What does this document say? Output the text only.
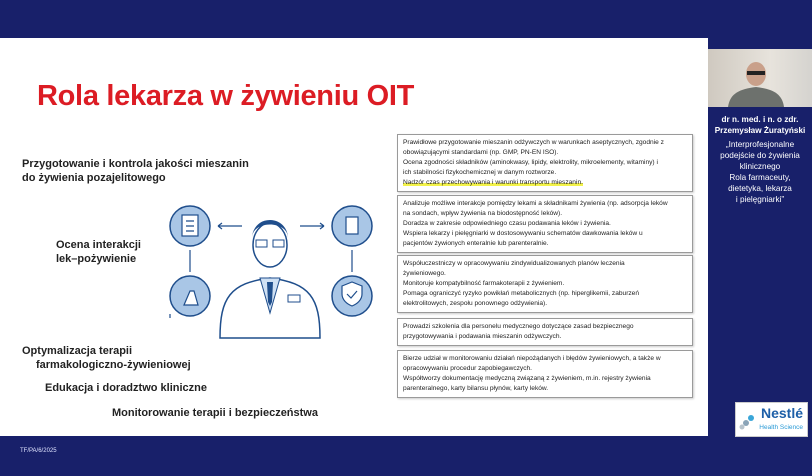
Rola lekarza w żywieniu OIT
Przygotowanie i kontrola jakości mieszanin
do żywienia pozajelitowego
Ocena interakcji
lek–pożywienie
Optymalizacja terapii
farmakologiczno-żywieniowej
Edukacja i doradztwo kliniczne
Monitorowanie terapii i bezpieczeństwa
Prawidłowe przygotowanie mieszanin odżywczych w warunkach aseptycznych, zgodnie z
obowiązującymi standardami (np. GMP, PN-EN ISO).
Ocena zgodności składników (aminokwasy, lipidy, elektrolity, mikroelementy, witaminy) i
ich stabilności fizykochemicznej w danym roztworze.
Nadzór czas przechowywania i warunki transportu mieszanin.
Analizuje możliwe interakcje pomiędzy lekami a składnikami żywienia (np. adsorpcja leków
na sondach, wpływ żywienia na biodostępność leków).
Doradza w zakresie odpowiedniego czasu podawania leków i żywienia.
Wspiera lekarzy i pielęgniarki w dostosowywaniu schematów dawkowania leków u
pacjentów żywionych enteralnie lub parenteralnie.
Współuczestniczy w opracowywaniu zindywidualizowanych planów leczenia
żywieniowego.
Monitoruje kompatybilność farmakoterapii z żywieniem.
Pomaga ograniczyć ryzyko powikłań metabolicznych (np. hiperglikemii, zaburzeń
elektrolitowych, zespołu ponownego odżywienia).
Prowadzi szkolenia dla personelu medycznego dotyczące zasad bezpiecznego
przygotowywania i podawania mieszanin odżywczych.
Bierze udział w monitorowaniu działań niepożądanych i błędów żywieniowych, a także w
opracowywaniu procedur zapobiegawczych.
Współtworzy dokumentację medyczną związaną z żywieniem, m.in. rejestry żywienia
parenteralnego, karty bilansu płynów, karty leków.
TF/PA/6/2025
dr n. med. i n. o zdr.
Przemysław Żuratyński
„Interprofesjonalne
podejście do żywienia
klinicznego
Rola farmaceuty,
dietetyka, lekarza
i pielęgniarki”
Nestlé
Health Science
